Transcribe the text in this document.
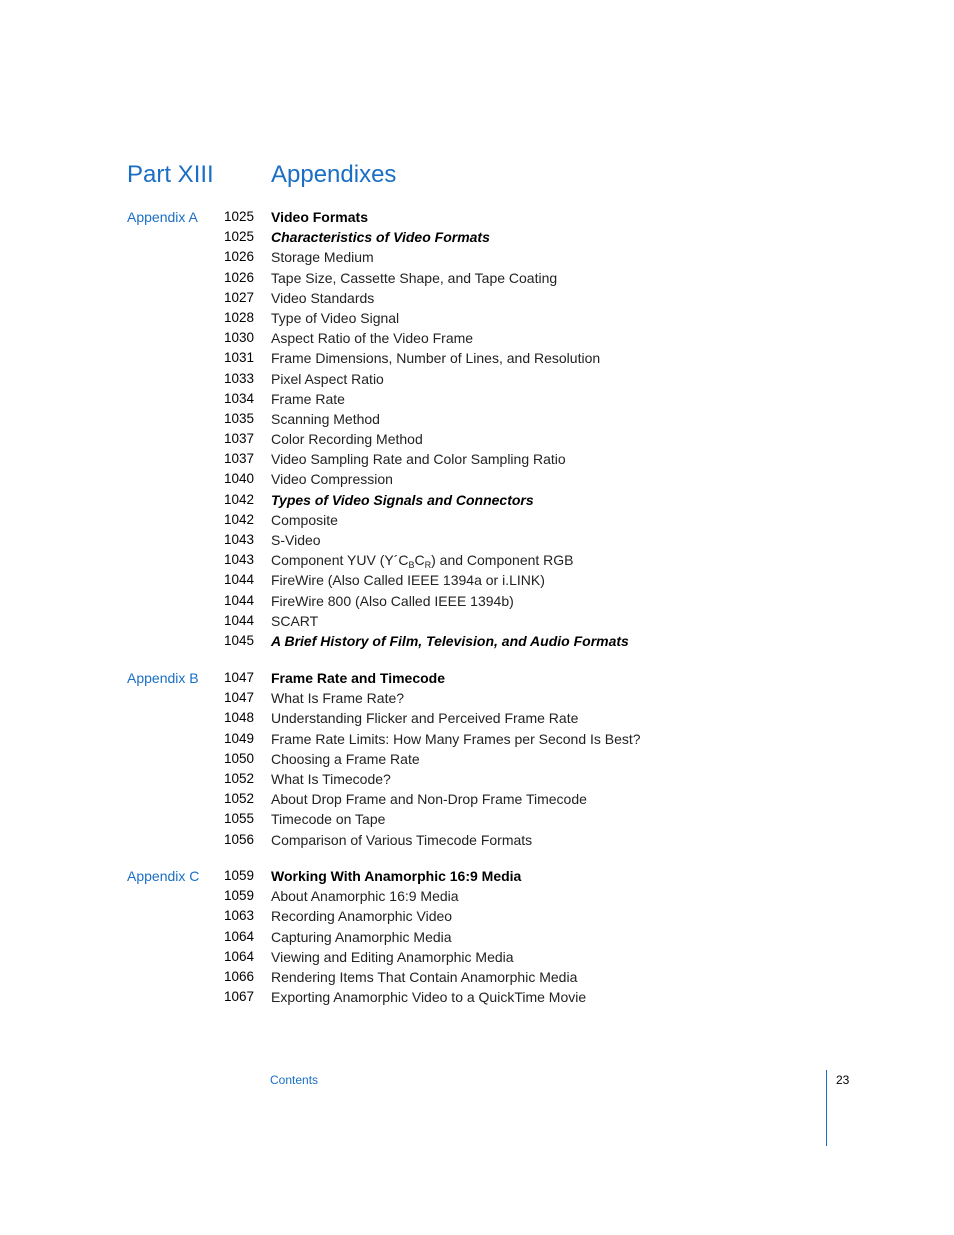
Part XIII Appendixes
Appendix A	1025 Video Formats
1025 Characteristics of Video Formats
1026 Storage Medium
1026 Tape Size, Cassette Shape, and Tape Coating
1027 Video Standards
1028 Type of Video Signal
1030 Aspect Ratio of the Video Frame
1031 Frame Dimensions, Number of Lines, and Resolution
1033 Pixel Aspect Ratio
1034 Frame Rate
1035 Scanning Method
1037 Color Recording Method
1037 Video Sampling Rate and Color Sampling Ratio
1040 Video Compression
1042 Types of Video Signals and Connectors
1042 Composite
1043 S-Video
1043 Component YUV $(Y´C_BC_R)$ and Component RGB
1044 FireWire (Also Called IEEE 1394a or i.LINK)
1044 FireWire 800 (Also Called IEEE 1394b)
1044 SCART
1045 A Brief History of Film, Television, and Audio Formats
Appendix B	1047 Frame Rate and Timecode
1047 What Is Frame Rate?
1048 Understanding Flicker and Perceived Frame Rate
1049 Frame Rate Limits: How Many Frames per Second Is Best?
1050 Choosing a Frame Rate
1052 What Is Timecode?
1052 About Drop Frame and Non-Drop Frame Timecode
1055 Timecode on Tape
1056 Comparison of Various Timecode Formats
Appendix C	1059 Working With Anamorphic 16:9 Media
1059 About Anamorphic 16:9 Media
1063 Recording Anamorphic Video
1064 Capturing Anamorphic Media
1064 Viewing and Editing Anamorphic Media
1066 Rendering Items That Contain Anamorphic Media
1067 Exporting Anamorphic Video to a QuickTime Movie
Contents	23
